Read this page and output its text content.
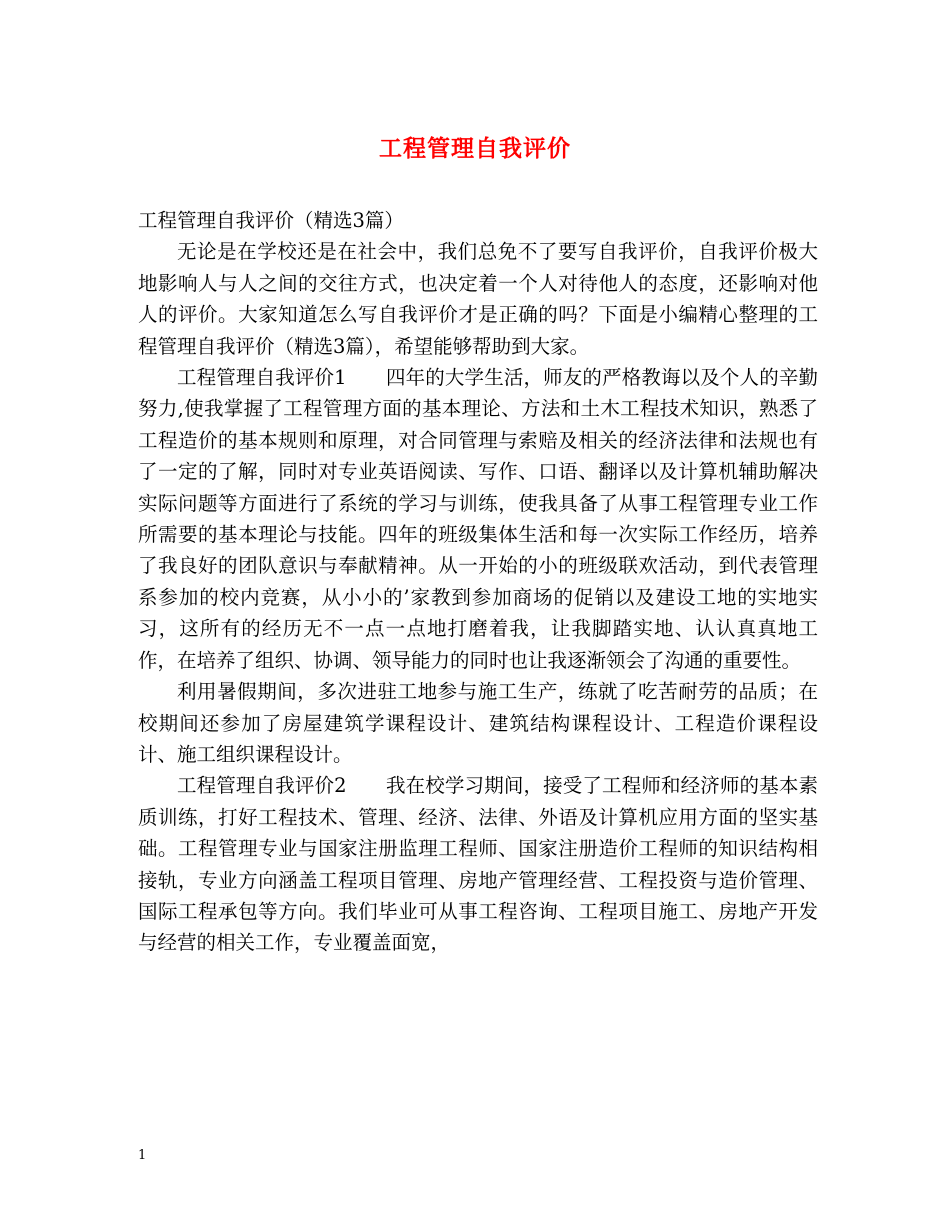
工程管理自我评价

工程管理自我评价（精选3篇）

无论是在学校还是在社会中，我们总免不了要写自我评价，自我评价极大地影响人与人之间的交往方式，也决定着一个人对待他人的态度，还影响对他人的评价。大家知道怎么写自我评价才是正确的吗？下面是小编精心整理的工程管理自我评价（精选3篇），希望能够帮助到大家。

工程管理自我评价1　　四年的大学生活，师友的严格教诲以及个人的辛勤努力,使我掌握了工程管理方面的基本理论、方法和土木工程技术知识，熟悉了工程造价的基本规则和原理，对合同管理与索赔及相关的经济法律和法规也有了一定的了解，同时对专业英语阅读、写作、口语、翻译以及计算机辅助解决实际问题等方面进行了系统的学习与训练，使我具备了从事工程管理专业工作所需要的基本理论与技能。四年的班级集体生活和每一次实际工作经历，培养了我良好的团队意识与奉献精神。从一开始的小的班级联欢活动，到代表管理系参加的校内竞赛，从小小的’家教到参加商场的促销以及建设工地的实地实习，这所有的经历无不一点一点地打磨着我，让我脚踏实地、认认真真地工作，在培养了组织、协调、领导能力的同时也让我逐渐领会了沟通的重要性。

利用暑假期间，多次进驻工地参与施工生产，练就了吃苦耐劳的品质；在校期间还参加了房屋建筑学课程设计、建筑结构课程设计、工程造价课程设计、施工组织课程设计。

工程管理自我评价2　　我在校学习期间，接受了工程师和经济师的基本素质训练，打好工程技术、管理、经济、法律、外语及计算机应用方面的坚实基础。工程管理专业与国家注册监理工程师、国家注册造价工程师的知识结构相接轨，专业方向涵盖工程项目管理、房地产管理经营、工程投资与造价管理、国际工程承包等方向。我们毕业可从事工程咨询、工程项目施工、房地产开发与经营的相关工作，专业覆盖面宽，

1
